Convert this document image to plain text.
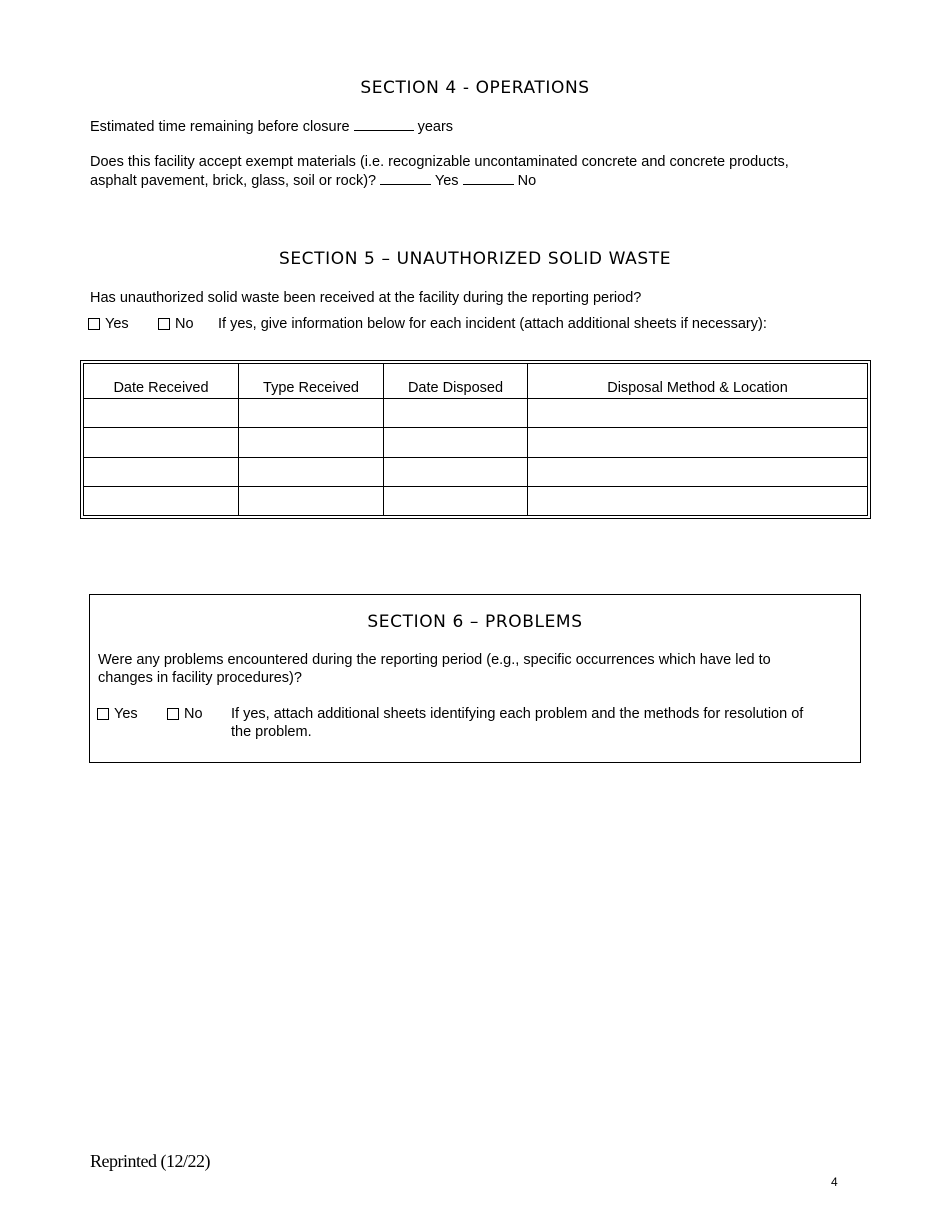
SECTION 4 - OPERATIONS
Estimated time remaining before closure	years
Does this facility accept exempt materials (i.e. recognizable uncontaminated concrete and concrete products,
asphalt pavement, brick, glass, soil or rock)?	Yes	No
SECTION 5 – UNAUTHORIZED SOLID WASTE
Has unauthorized solid waste been received at the facility during the reporting period?
Yes	No If yes, give information below for each incident (attach additional sheets if necessary):
Date Received	Type Received	Date Disposed	Disposal Method & Location

SECTION 6 – PROBLEMS
Were any problems encountered during the reporting period (e.g., specific occurrences which have led to
changes in facility procedures)?
Yes	No If yes, attach additional sheets identifying each problem and the methods for resolution of
the problem.
Reprinted (12/22)
4
